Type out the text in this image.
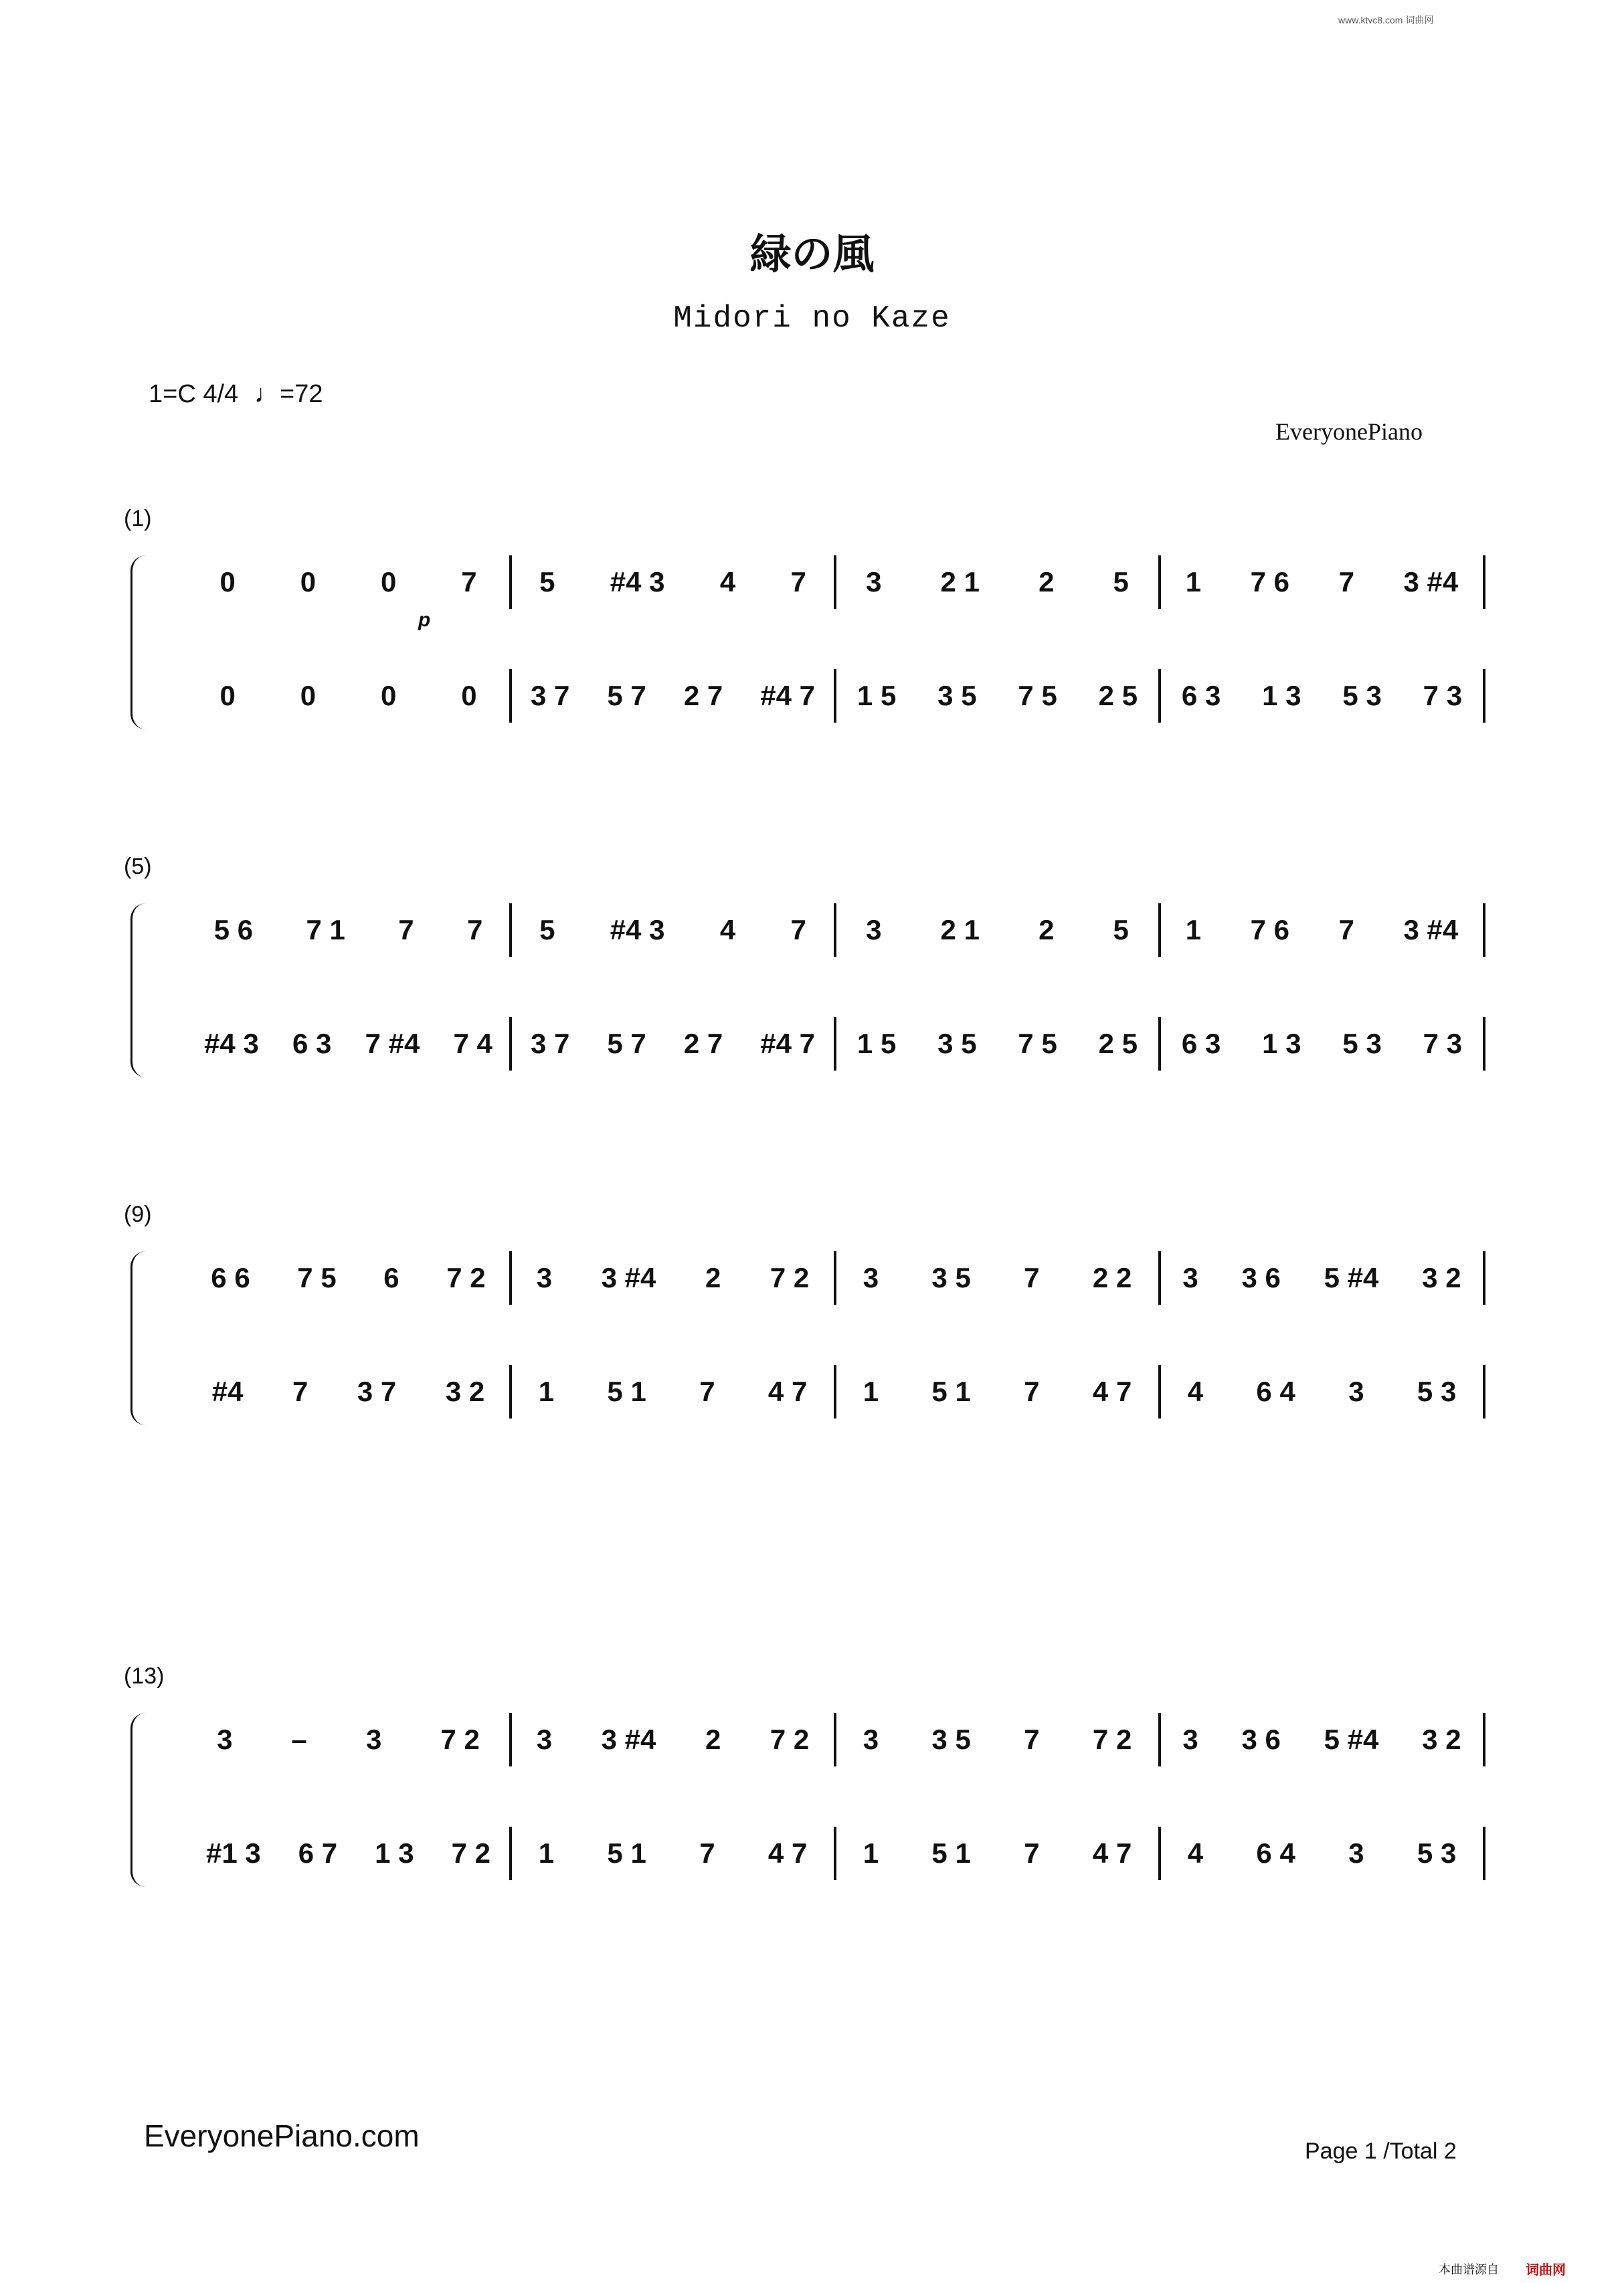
www.ktvc8.com 词曲网
緑の風
Midori no Kaze
1=C 4/4 ♩=72
EveryonePiano
(1)
0 0 0 7 5 #4 3 4 7 3 2 1 2 5 1 7 6 7 3 #4
0 0 0 0 3 7 5 7 2 7 #4 7 1 5 3 5 7 5 2 5 6 3 1 3 5 3 7 3
p
(5)
5 6 7 1 7 7 5 #4 3 4 7 3 2 1 2 5 1 7 6 7 3 #4
#4 3 6 3 7 #4 7 4 3 7 5 7 2 7 #4 7 1 5 3 5 7 5 2 5 6 3 1 3 5 3 7 3
(9)
6 6 7 5 6 7 2 3 3 #4 2 7 2 3 3 5 7 2 2 3 3 6 5 #4 3 2
#4 7 3 7 3 2 1 5 1 7 4 7 1 5 1 7 4 7 4 6 4 3 5 3
(13)
3 – 3 7 2 3 3 #4 2 7 2 3 3 5 7 7 2 3 3 6 5 #4 3 2
#1 3 6 7 1 3 7 2 1 5 1 7 4 7 1 5 1 7 4 7 4 6 4 3 5 3
EveryonePiano.com	Page 1 /Total 2
本曲谱源自 词曲网
